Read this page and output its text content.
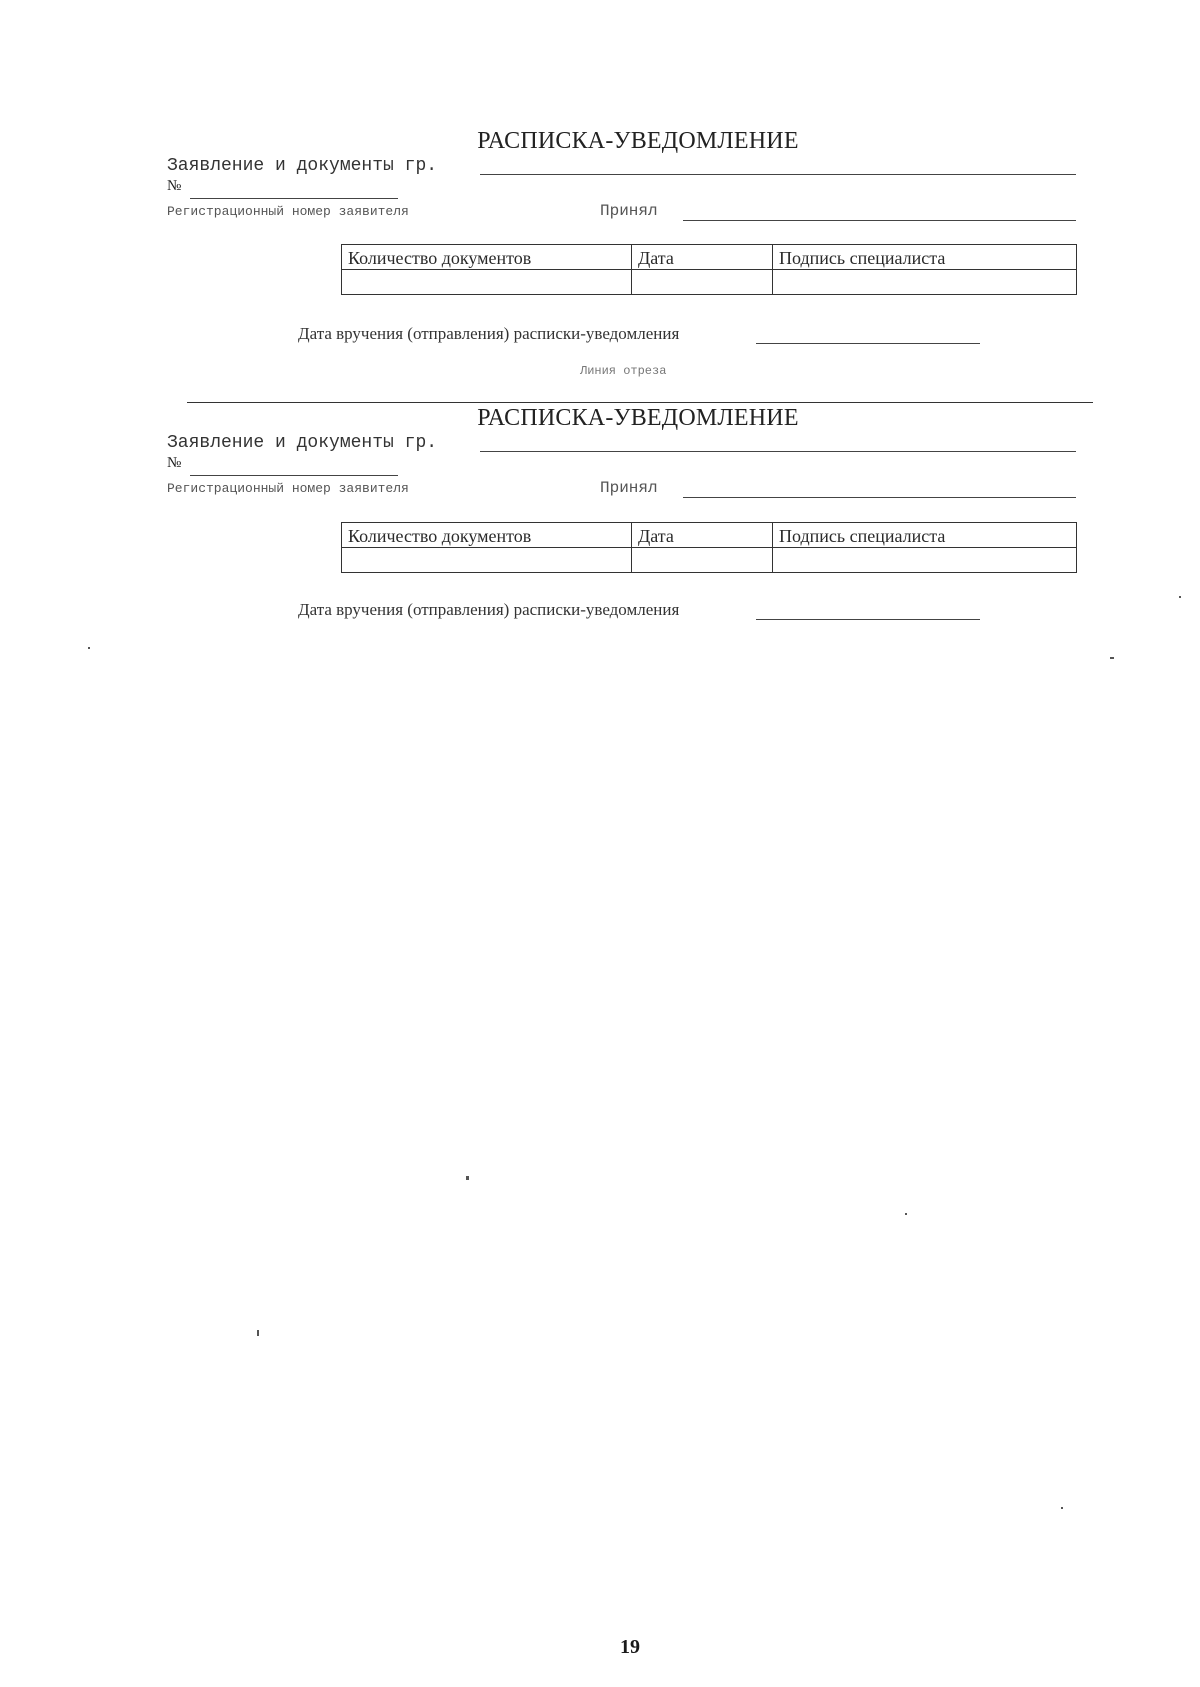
РАСПИСКА-УВЕДОМЛЕНИЕ
Заявление и документы гр.
№
Регистрационный номер заявителя	Принял
Количество документов	Дата	Подпись специалиста

Дата вручения (отправления) расписки-уведомления
Линия отреза
РАСПИСКА-УВЕДОМЛЕНИЕ
Заявление и документы гр.
№
Регистрационный номер заявителя	Принял
Количество документов	Дата	Подпись специалиста

Дата вручения (отправления) расписки-уведомления
19
